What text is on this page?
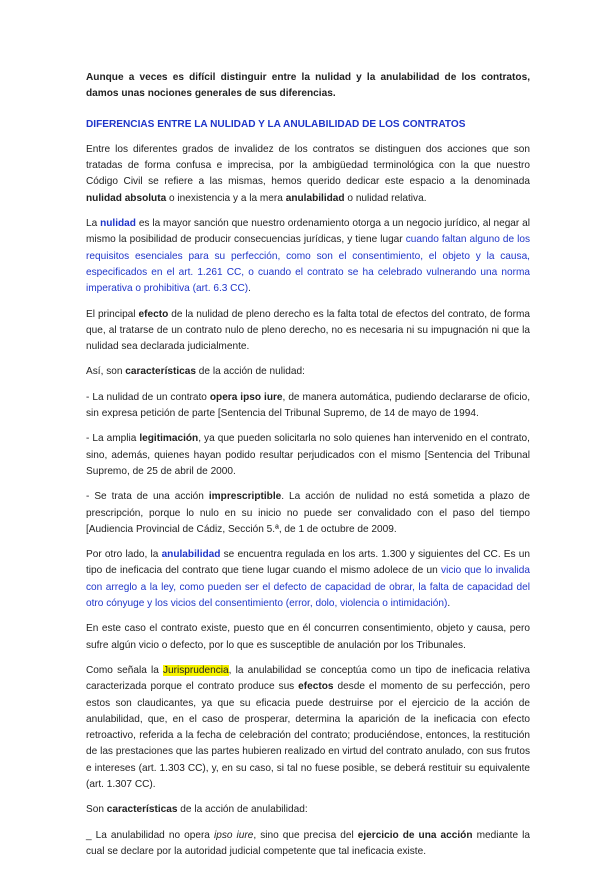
Aunque a veces es difícil distinguir entre la nulidad y la anulabilidad de los contratos, damos unas nociones generales de sus diferencias.

DIFERENCIAS ENTRE LA NULIDAD Y LA ANULABILIDAD DE LOS CONTRATOS

Entre los diferentes grados de invalidez de los contratos se distinguen dos acciones que son tratadas de forma confusa e imprecisa, por la ambigüedad terminológica con la que nuestro Código Civil se refiere a las mismas, hemos querido dedicar este espacio a la denominada nulidad absoluta o inexistencia y a la mera anulabilidad o nulidad relativa.

La nulidad es la mayor sanción que nuestro ordenamiento otorga a un negocio jurídico, al negar al mismo la posibilidad de producir consecuencias jurídicas, y tiene lugar cuando faltan alguno de los requisitos esenciales para su perfección, como son el consentimiento, el objeto y la causa, especificados en el art. 1.261 CC, o cuando el contrato se ha celebrado vulnerando una norma imperativa o prohibitiva (art. 6.3 CC).

El principal efecto de la nulidad de pleno derecho es la falta total de efectos del contrato, de forma que, al tratarse de un contrato nulo de pleno derecho, no es necesaria ni su impugnación ni que la nulidad sea declarada judicialmente.

Así, son características de la acción de nulidad:

- La nulidad de un contrato opera ipso iure, de manera automática, pudiendo declararse de oficio, sin expresa petición de parte [Sentencia del Tribunal Supremo, de 14 de mayo de 1994.

- La amplia legitimación, ya que pueden solicitarla no solo quienes han intervenido en el contrato, sino, además, quienes hayan podido resultar perjudicados con el mismo [Sentencia del Tribunal Supremo, de 25 de abril de 2000.

- Se trata de una acción imprescriptible. La acción de nulidad no está sometida a plazo de prescripción, porque lo nulo en su inicio no puede ser convalidado con el paso del tiempo [Audiencia Provincial de Cádiz, Sección 5.ª, de 1 de octubre de 2009.

Por otro lado, la anulabilidad se encuentra regulada en los arts. 1.300 y siguientes del CC. Es un tipo de ineficacia del contrato que tiene lugar cuando el mismo adolece de un vicio que lo invalida con arreglo a la ley, como pueden ser el defecto de capacidad de obrar, la falta de capacidad del otro cónyuge y los vicios del consentimiento (error, dolo, violencia o intimidación).

En este caso el contrato existe, puesto que en él concurren consentimiento, objeto y causa, pero sufre algún vicio o defecto, por lo que es susceptible de anulación por los Tribunales.

Como señala la Jurisprudencia, la anulabilidad se conceptúa como un tipo de ineficacia relativa caracterizada porque el contrato produce sus efectos desde el momento de su perfección, pero estos son claudicantes, ya que su eficacia puede destruirse por el ejercicio de la acción de anulabilidad, que, en el caso de prosperar, determina la aparición de la ineficacia con efecto retroactivo, referida a la fecha de celebración del contrato; produciéndose, entonces, la restitución de las prestaciones que las partes hubieren realizado en virtud del contrato anulado, con sus frutos e intereses (art. 1.303 CC), y, en su caso, si tal no fuese posible, se deberá restituir su equivalente (art. 1.307 CC).

Son características de la acción de anulabilidad:

_ La anulabilidad no opera ipso iure, sino que precisa del ejercicio de una acción mediante la cual se declare por la autoridad judicial competente que tal ineficacia existe.
